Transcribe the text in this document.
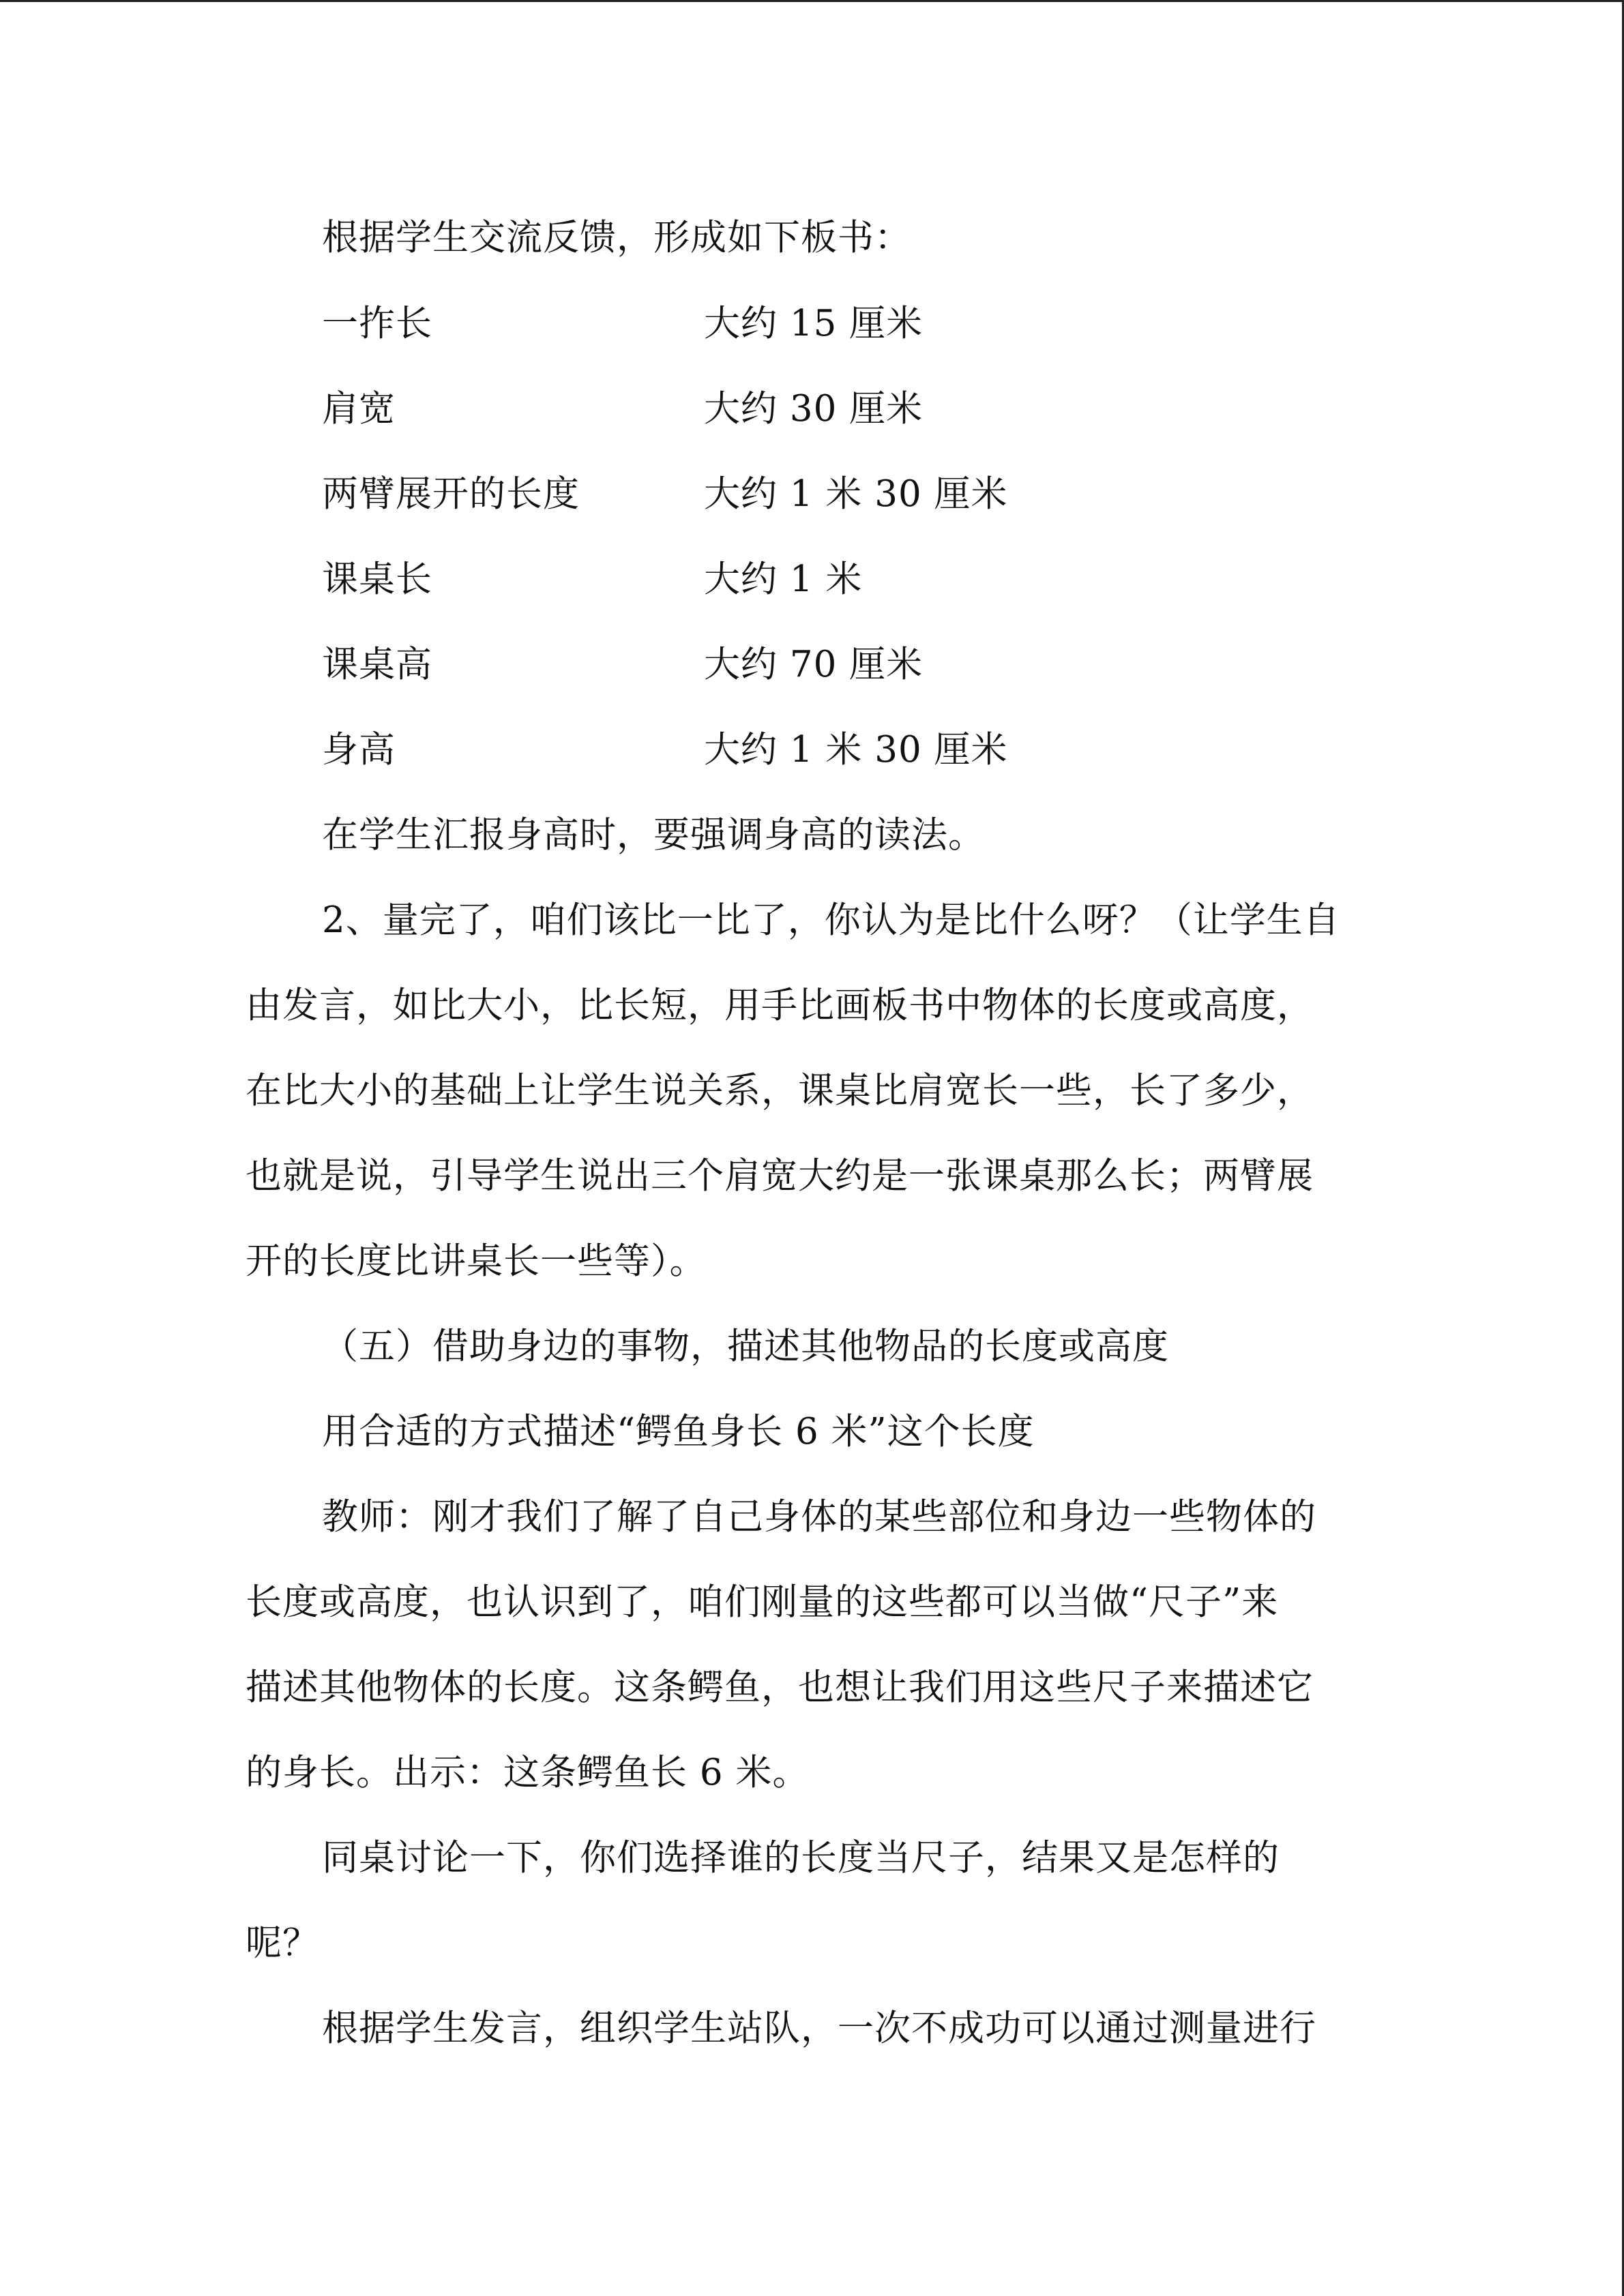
根据学生交流反馈，形成如下板书：
一拃长	大约 15 厘米
肩宽	大约 30 厘米
两臂展开的长度	大约 1 米 30 厘米
课桌长	大约 1 米
课桌高	大约 70 厘米
身高	大约 1 米 30 厘米
在学生汇报身高时，要强调身高的读法。
2、量完了，咱们该比一比了，你认为是比什么呀？（让学生自
由发言，如比大小，比长短，用手比画板书中物体的长度或高度，
在比大小的基础上让学生说关系，课桌比肩宽长一些，长了多少，
也就是说，引导学生说出三个肩宽大约是一张课桌那么长；两臂展
开的长度比讲桌长一些等）。
（五）借助身边的事物，描述其他物品的长度或高度
用合适的方式描述“鳄鱼身长 6 米”这个长度
教师：刚才我们了解了自己身体的某些部位和身边一些物体的
长度或高度，也认识到了，咱们刚量的这些都可以当做“尺子”来
描述其他物体的长度。这条鳄鱼，也想让我们用这些尺子来描述它
的身长。出示：这条鳄鱼长 6 米。
同桌讨论一下，你们选择谁的长度当尺子，结果又是怎样的
呢？
根据学生发言，组织学生站队，一次不成功可以通过测量进行
